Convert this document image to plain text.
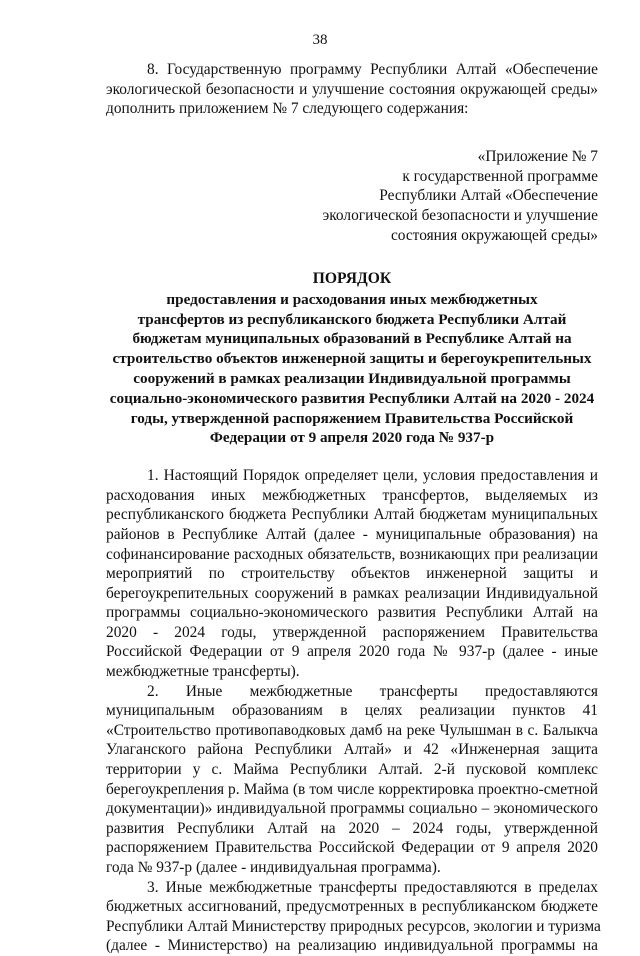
38

8. Государственную программу Республики Алтай «Обеспечение
экологической безопасности и улучшение состояния окружающей среды»
дополнить приложением № 7 следующего содержания:

«Приложение № 7
к государственной программе
Республики Алтай «Обеспечение
экологической безопасности и улучшение
состояния окружающей среды»
ПОРЯДОК
предоставления и расходования иных межбюджетных
трансфертов из республиканского бюджета Республики Алтай
бюджетам муниципальных образований в Республике Алтай на
строительство объектов инженерной защиты и берегоукрепительных
сооружений в рамках реализации Индивидуальной программы
социально-экономического развития Республики Алтай на 2020 - 2024
годы, утвержденной распоряжением Правительства Российской
Федерации от 9 апреля 2020 года № 937-р

1. Настоящий Порядок определяет цели, условия предоставления и
расходования иных межбюджетных трансфертов, выделяемых из
республиканского бюджета Республики Алтай бюджетам муниципальных
районов в Республике Алтай (далее - муниципальные образования) на
софинансирование расходных обязательств, возникающих при реализации
мероприятий по строительству объектов инженерной защиты и
берегоукрепительных сооружений в рамках реализации Индивидуальной
программы социально-экономического развития Республики Алтай на
2020 - 2024 годы, утвержденной распоряжением Правительства
Российской Федерации от 9 апреля 2020 года № 937-р (далее - иные
межбюджетные трансферты).

2. Иные межбюджетные трансферты предоставляются
муниципальным образованиям в целях реализации пунктов 41
«Строительство противопаводковых дамб на реке Чулышман в с. Балыкча
Улаганского района Республики Алтай» и 42 «Инженерная защита
территории у с. Майма Республики Алтай. 2-й пусковой комплекс
берегоукрепления р. Майма (в том числе корректировка проектно-сметной
документации)» индивидуальной программы социально – экономического
развития Республики Алтай на 2020 – 2024 годы, утвержденной
распоряжением Правительства Российской Федерации от 9 апреля 2020
года № 937-р (далее - индивидуальная программа).

3. Иные межбюджетные трансферты предоставляются в пределах
бюджетных ассигнований, предусмотренных в республиканском бюджете
Республики Алтай Министерству природных ресурсов, экологии и туризма
(далее - Министерство) на реализацию индивидуальной программы на
